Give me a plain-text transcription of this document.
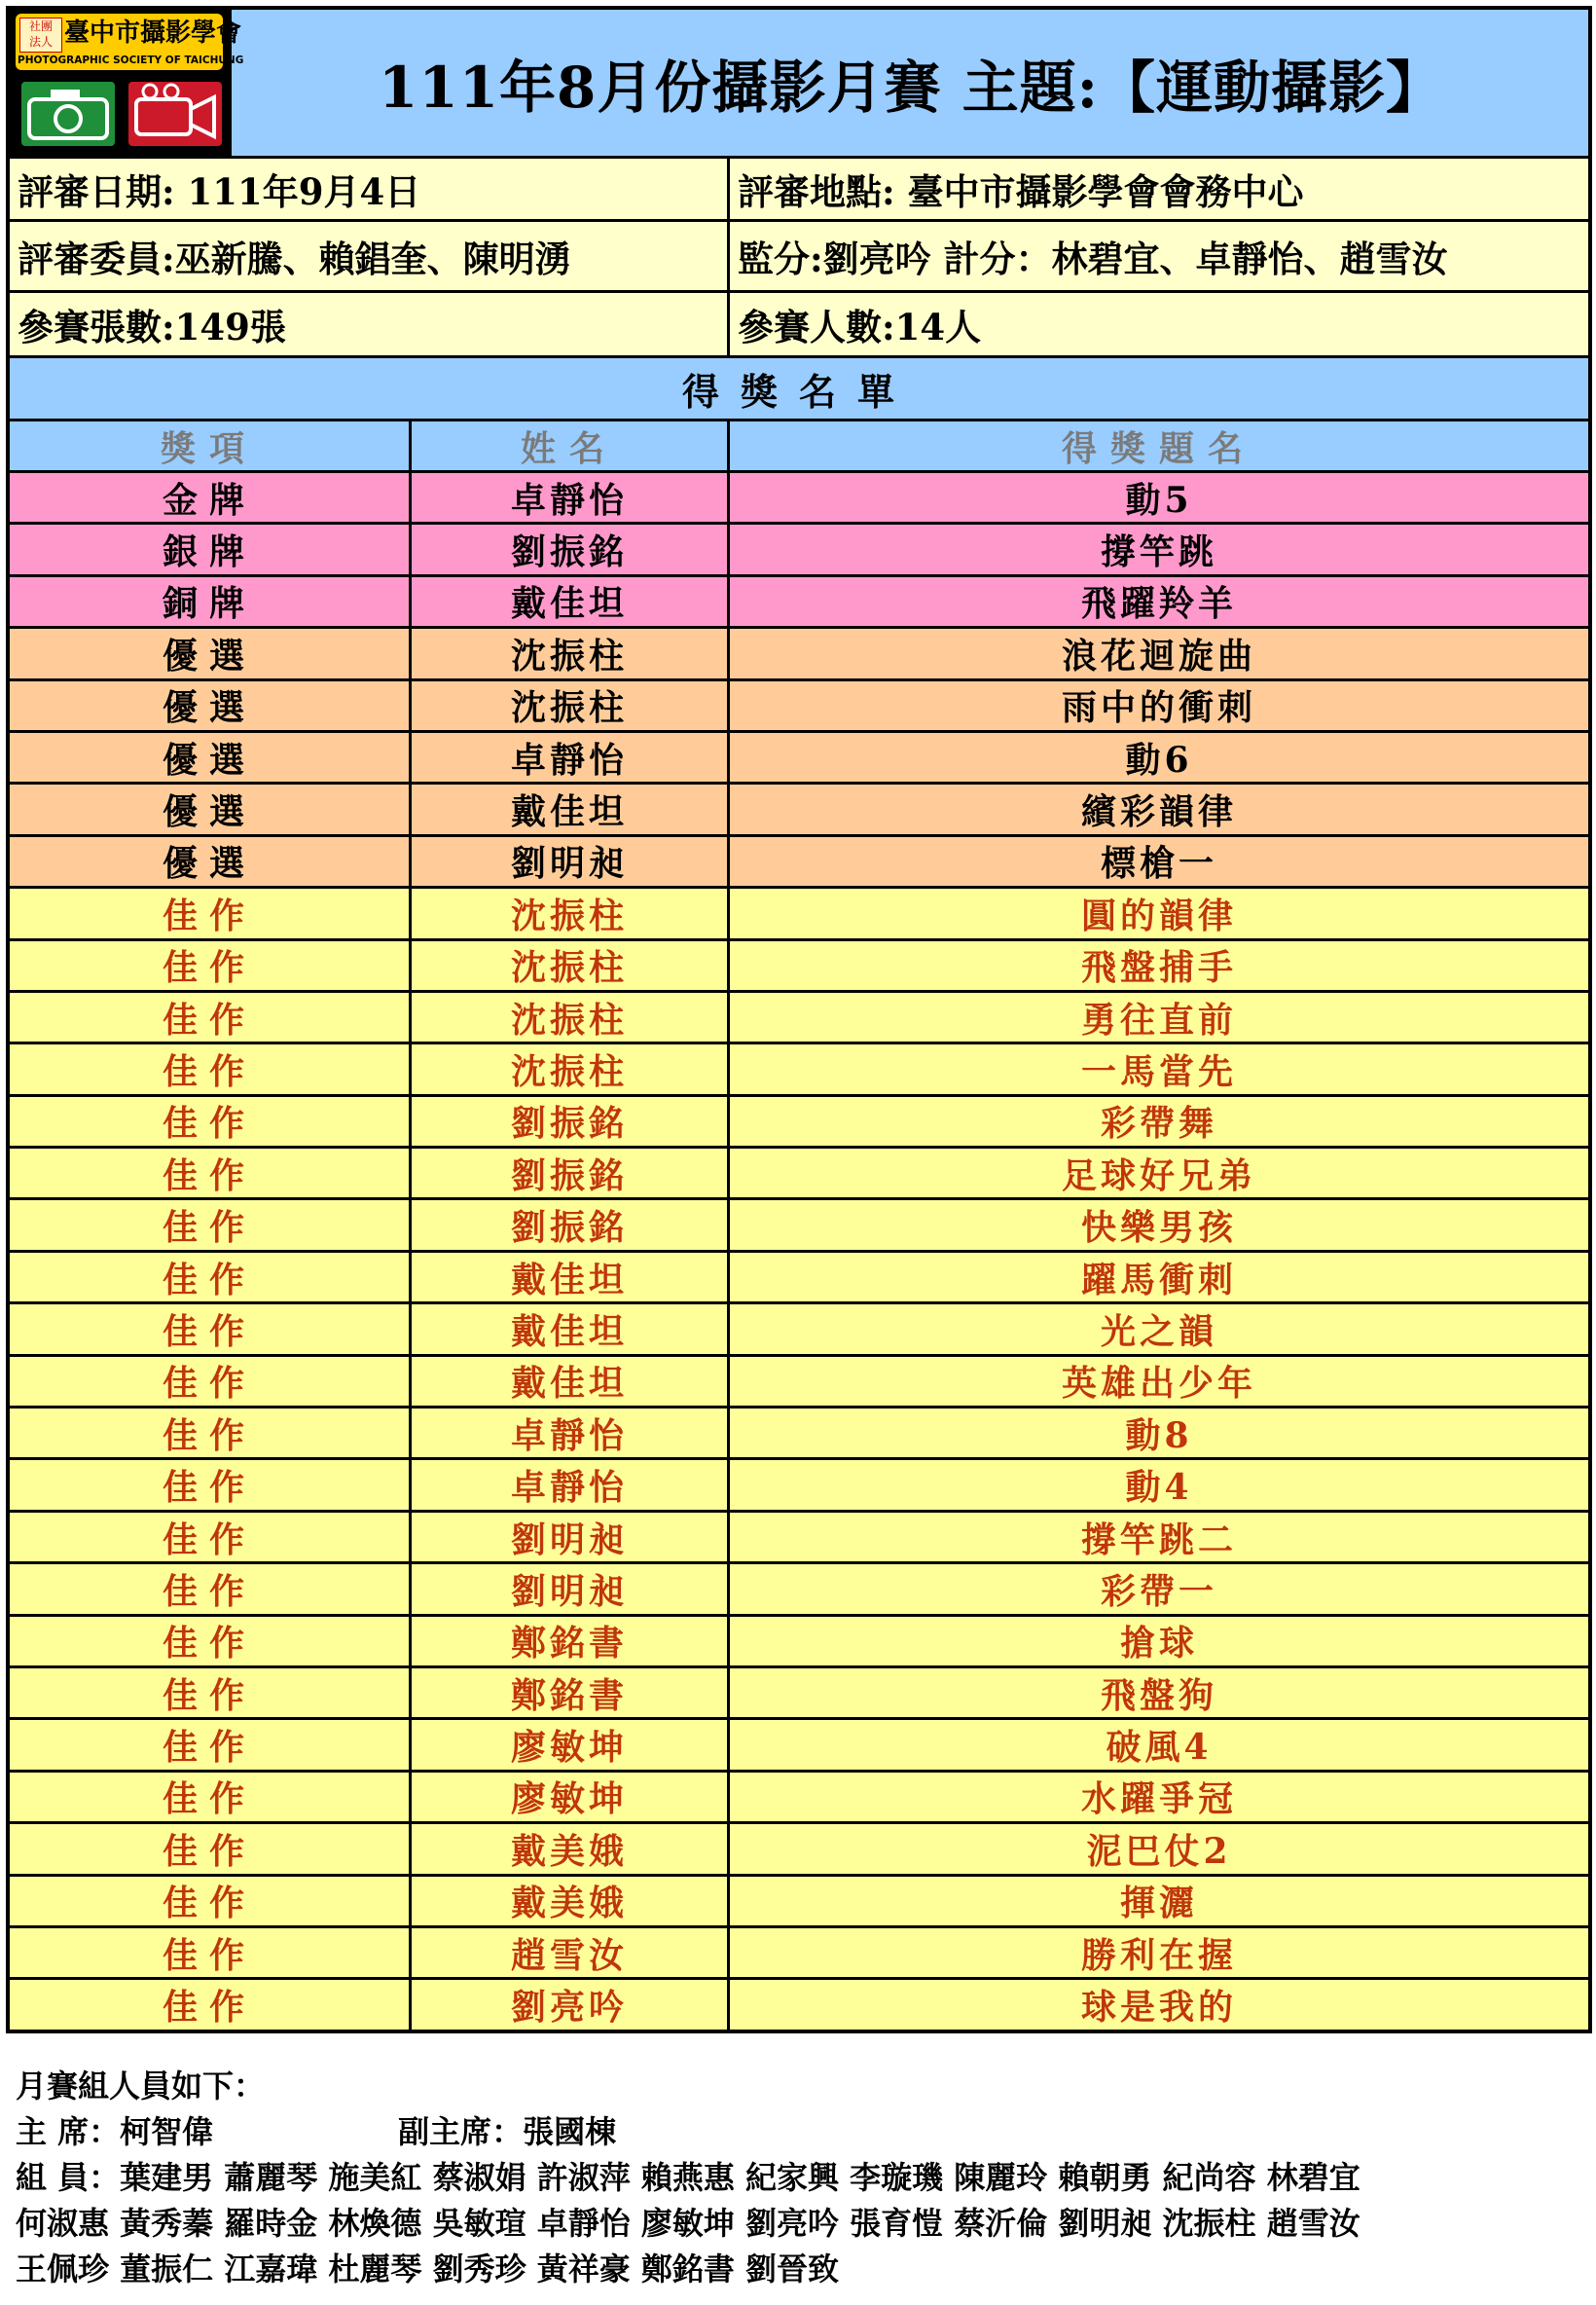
社團
法人 臺中市攝影學會
PHOTOGRAPHIC SOCIETY OF TAICHUNG	111年8月份攝影月賽 主題:【運動攝影】
評審日期: 111年9月4日	評審地點: 臺中市攝影學會會務中心
評審委員:巫新騰、賴錩奎、陳明湧	監分:劉亮吟 計分：林碧宜、卓靜怡、趙雪汝
參賽張數:149張	參賽人數:14人
得獎名單
獎項	姓名	得獎題名
金牌	卓靜怡	動5
銀牌	劉振銘	撐竿跳
銅牌	戴佳坦	飛躍羚羊
優選	沈振柱	浪花迴旋曲
優選	沈振柱	雨中的衝刺
優選	卓靜怡	動6
優選	戴佳坦	繽彩韻律
優選	劉明昶	標槍一
佳作	沈振柱	圓的韻律
佳作	沈振柱	飛盤捕手
佳作	沈振柱	勇往直前
佳作	沈振柱	一馬當先
佳作	劉振銘	彩帶舞
佳作	劉振銘	足球好兄弟
佳作	劉振銘	快樂男孩
佳作	戴佳坦	躍馬衝刺
佳作	戴佳坦	光之韻
佳作	戴佳坦	英雄出少年
佳作	卓靜怡	動8
佳作	卓靜怡	動4
佳作	劉明昶	撐竿跳二
佳作	劉明昶	彩帶一
佳作	鄭銘書	搶球
佳作	鄭銘書	飛盤狗
佳作	廖敏坤	破風4
佳作	廖敏坤	水躍爭冠
佳作	戴美娥	泥巴仗2
佳作	戴美娥	揮灑
佳作	趙雪汝	勝利在握
佳作	劉亮吟	球是我的
月賽組人員如下：
主 席：柯智偉	副主席：張國棟
組 員：葉建男 蕭麗琴 施美紅 蔡淑娟 許淑萍 賴燕惠 紀家興 李璇璣 陳麗玲 賴朝勇 紀尚容 林碧宜
何淑惠 黃秀蓁 羅時金 林煥德 吳敏瑄 卓靜怡 廖敏坤 劉亮吟 張育愷 蔡沂倫 劉明昶 沈振柱 趙雪汝
王佩珍 董振仁 江嘉瑋 杜麗琴 劉秀珍 黃祥豪 鄭銘書 劉晉致
